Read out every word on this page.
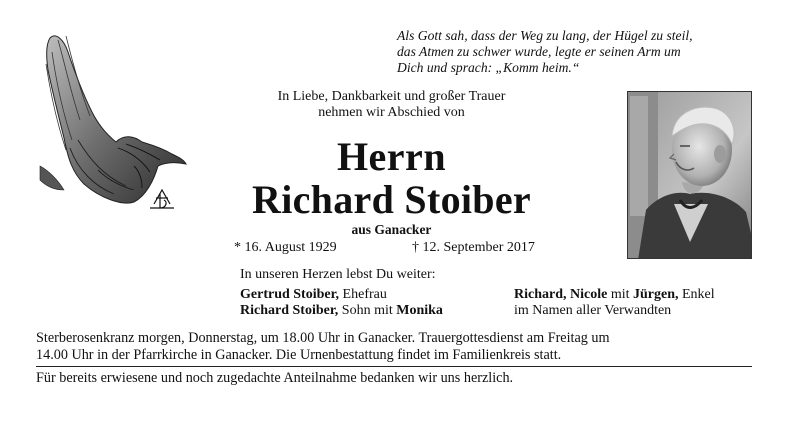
Als Gott sah, dass der Weg zu lang, der Hügel zu steil,
das Atmen zu schwer wurde, legte er seinen Arm um
Dich und sprach: „Komm heim.“
In Liebe, Dankbarkeit und großer Trauer
nehmen wir Abschied von
Herrn
Richard Stoiber
aus Ganacker
* 16. August 1929	† 12. September 2017
In unseren Herzen lebst Du weiter:
Gertrud Stoiber, Ehefrau
Richard Stoiber, Sohn mit Monika
Richard, Nicole mit Jürgen, Enkel
im Namen aller Verwandten
Sterberosenkranz morgen, Donnerstag, um 18.00 Uhr in Ganacker. Trauergottesdienst am Freitag um
14.00 Uhr in der Pfarrkirche in Ganacker. Die Urnenbestattung findet im Familienkreis statt.
Für bereits erwiesene und noch zugedachte Anteilnahme bedanken wir uns herzlich.
